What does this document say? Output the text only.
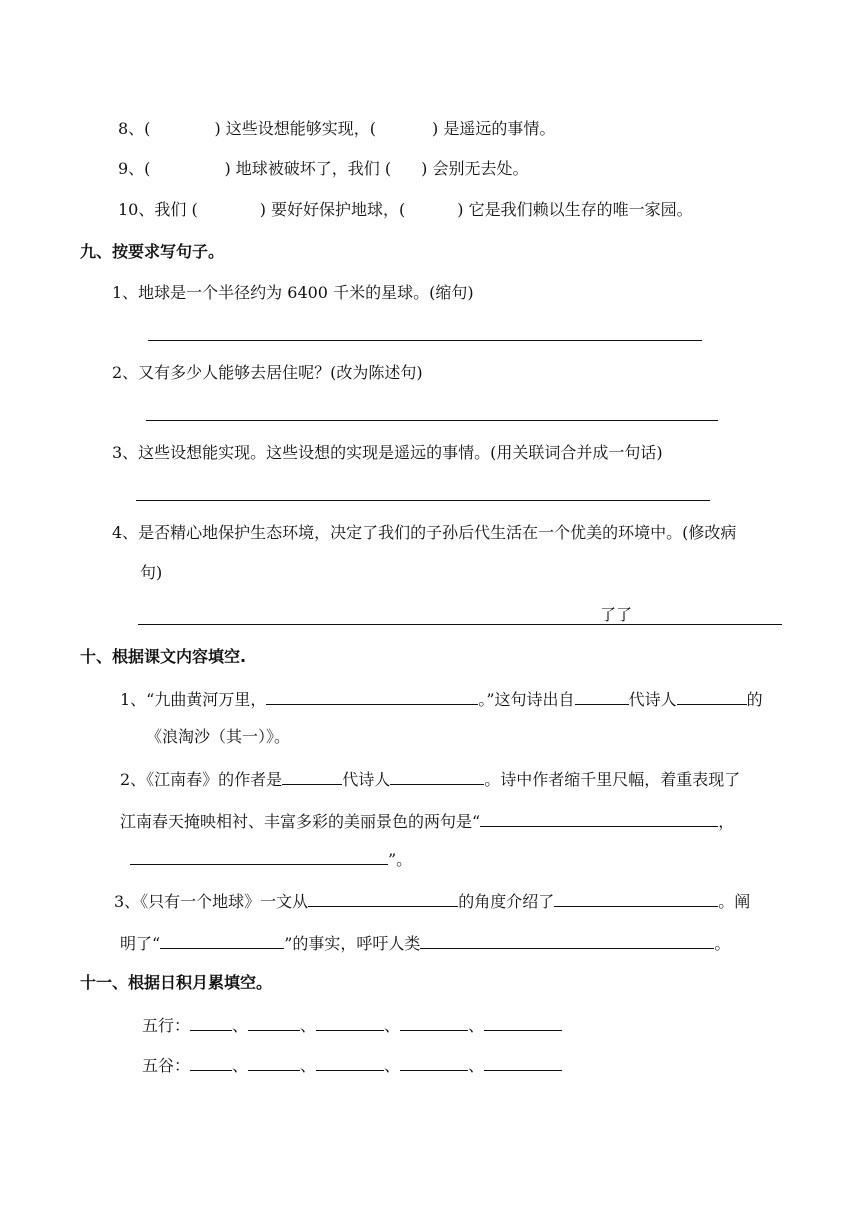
8、(	) 这些设想能够实现，(	) 是遥远的事情。
9、(	) 地球被破坏了，我们 ( ) 会别无去处。
10、我们 (	) 要好好保护地球，(	) 它是我们赖以生存的唯一家园。
九、按要求写句子。
1、地球是一个半径约为 6400 千米的星球。(缩句)
2、又有多少人能够去居住呢？(改为陈述句)
3、这些设想能实现。这些设想的实现是遥远的事情。(用关联词合并成一句话)
4、是否精心地保护生态环境，决定了我们的子孙后代生活在一个优美的环境中。(修改病
句)
了了
十、根据课文内容填空.
1、“九曲黄河万里，	。”这句诗出自	代诗人	的
《浪淘沙（其一）》。
2、《江南春》的作者是	代诗人	。诗中作者缩千里尺幅，着重表现了
江南春天掩映相衬、丰富多彩的美丽景色的两句是“	，
”。
3、《只有一个地球》一文从	的角度介绍了	。阐
明了“	”的事实，呼吁人类	。
十一、根据日积月累填空。
五行：	、	、	、	、
五谷：	、	、	、	、
